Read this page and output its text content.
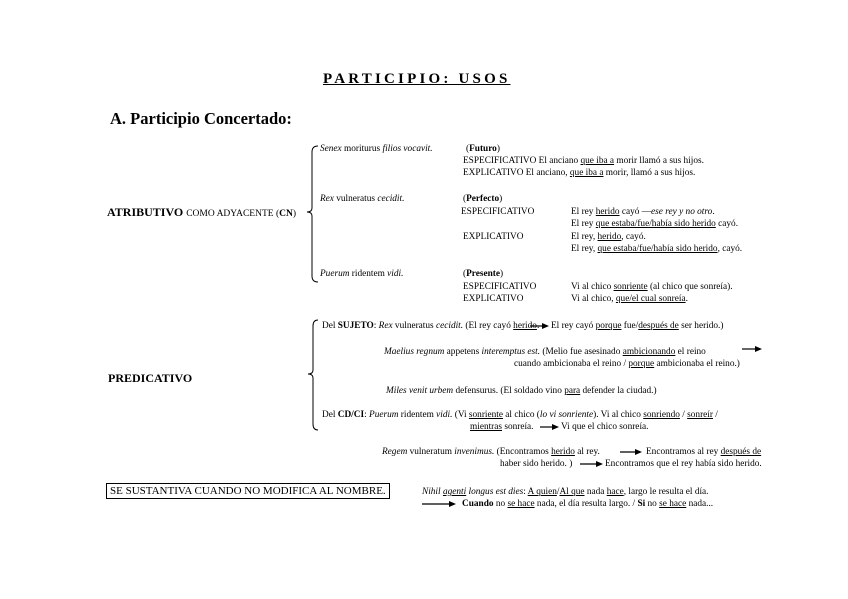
PARTICIPIO: USOS
A. Participio Concertado:
ATRIBUTIVO COMO ADYACENTE (CN)
Senex moriturus filios vocavit.	(Futuro)
ESPECIFICATIVO El anciano que iba a morir llamó a sus hijos.
EXPLICATIVO El anciano, que iba a morir, llamó a sus hijos.
Rex vulneratus cecidit.	(Perfecto)
ESPECIFICATIVO	El rey herido cayó —ese rey y no otro.
El rey que estaba/fue/había sido herido cayó.
EXPLICATIVO	El rey, herido, cayó.
El rey, que estaba/fue/había sido herido, cayó.
Puerum ridentem vidi.	(Presente)
ESPECIFICATIVO	Vi al chico sonriente (al chico que sonreía).
EXPLICATIVO	Vi al chico, que/el cual sonreía.
PREDICATIVO
Del SUJETO: Rex vulneratus cecidit. (El rey cayó herido. El rey cayó porque fue/después de ser herido.)
Maelius regnum appetens interemptus est. (Melio fue asesinado ambicionando el reino
cuando ambicionaba el reino / porque ambicionaba el reino.)
Miles venit urbem defensurus. (El soldado vino para defender la ciudad.)
Del CD/CI: Puerum ridentem vidi. (Vi sonriente al chico (lo vi sonriente). Vi al chico sonriendo / sonreír /
mientras sonreía.	Vi que el chico sonreía.
Regem vulneratum invenimus. (Encontramos herido al rey.	Encontramos al rey después de
haber sido herido. )	Encontramos que el rey había sido herido.
SE SUSTANTIVA CUANDO NO MODIFICA AL NOMBRE.	Nihil agenti longus est dies: A quien/Al que nada hace, largo le resulta el día.
Cuando no se hace nada, el día resulta largo. / Si no se hace nada...
